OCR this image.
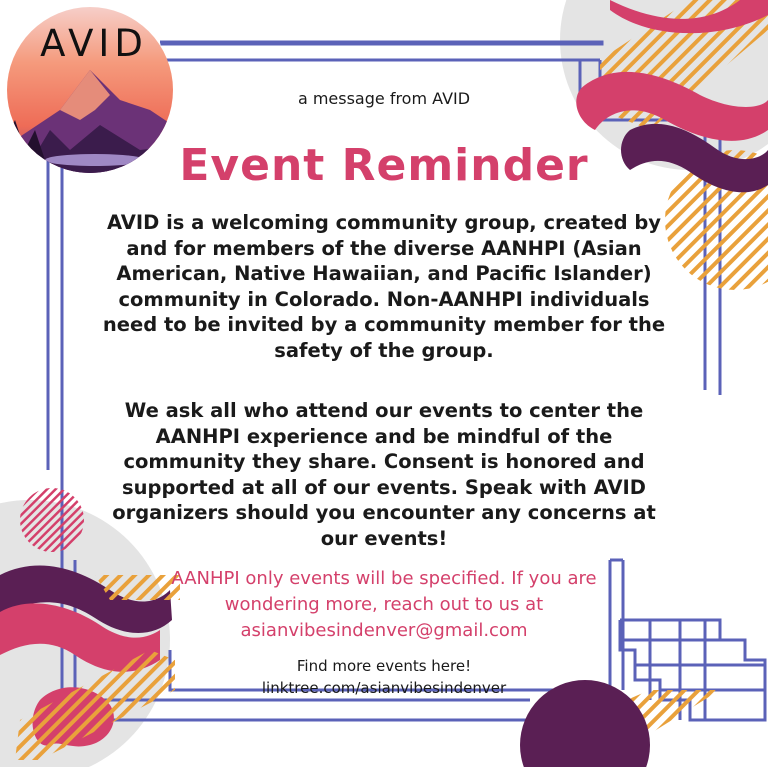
AVID
a message from AVID
Event Reminder
AVID is a welcoming community group, created by and for members of the diverse AANHPI (Asian American, Native Hawaiian, and Pacific Islander) community in Colorado. Non-AANHPI individuals need to be invited by a community member for the safety of the group.
We ask all who attend our events to center the AANHPI experience and be mindful of the community they share. Consent is honored and supported at all of our events. Speak with AVID organizers should you encounter any concerns at our events!
AANHPI only events will be specified. If you are wondering more, reach out to us at asianvibesindenver@gmail.com
Find more events here!
linktree.com/asianvibesindenver
